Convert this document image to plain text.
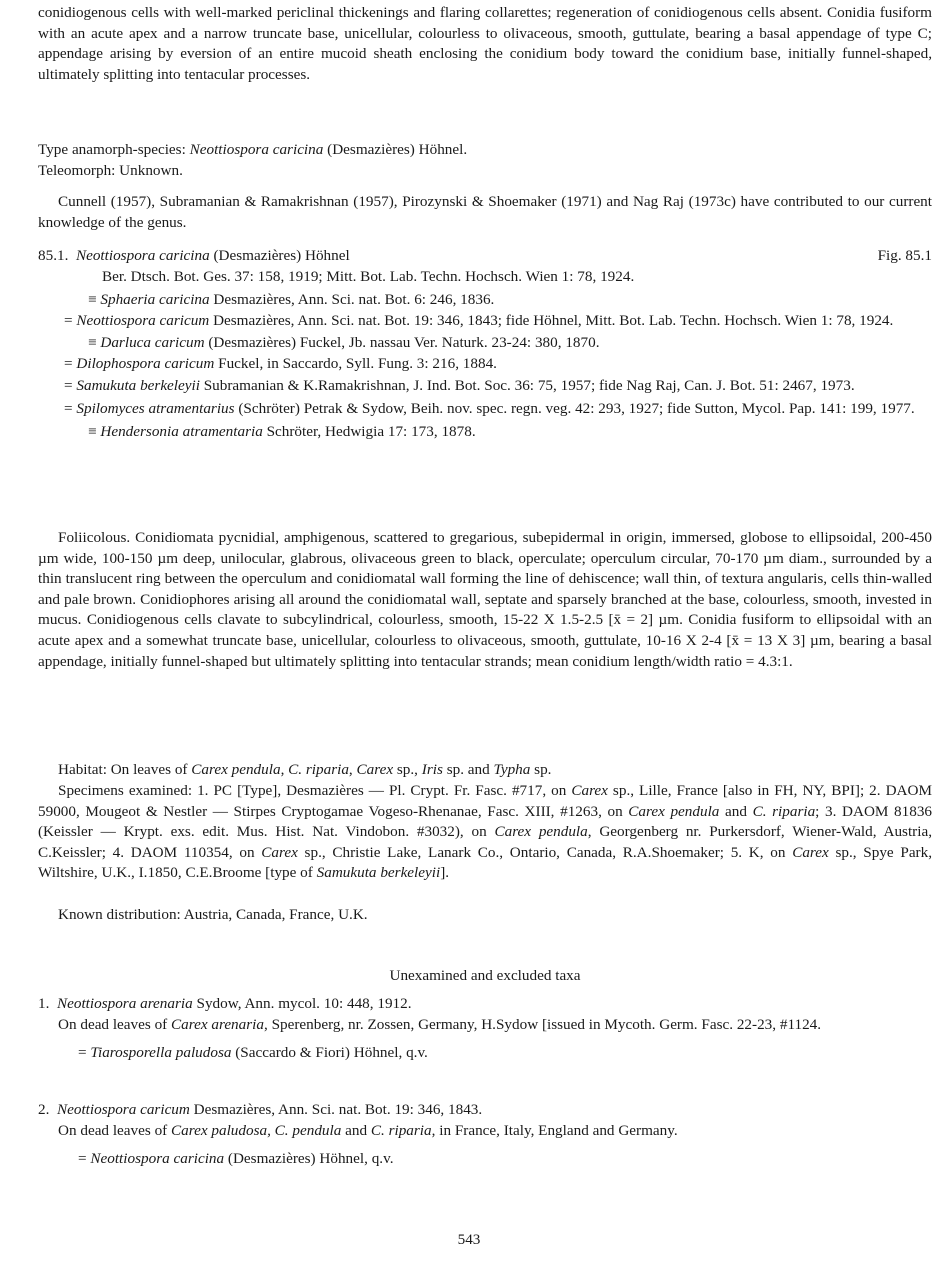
conidiogenous cells with well-marked periclinal thickenings and flaring collarettes; regeneration of conidiogenous cells absent. Conidia fusiform with an acute apex and a narrow truncate base, unicellular, colourless to olivaceous, smooth, guttulate, bearing a basal appendage of type C; appendage arising by eversion of an entire mucoid sheath enclosing the conidium body toward the conidium base, initially funnel-shaped, ultimately splitting into tentacular processes.

Type anamorph-species: Neottiospora caricina (Desmazières) Höhnel.

Teleomorph: Unknown.

Cunnell (1957), Subramanian & Ramakrishnan (1957), Pirozynski & Shoemaker (1971) and Nag Raj (1973c) have contributed to our current knowledge of the genus.

85.1. Neottiospora caricina (Desmazières) Höhnel	Fig. 85.1

Ber. Dtsch. Bot. Ges. 37: 158, 1919; Mitt. Bot. Lab. Techn. Hochsch. Wien 1: 78, 1924.

≡ Sphaeria caricina Desmazières, Ann. Sci. nat. Bot. 6: 246, 1836.

= Neottiospora caricum Desmazières, Ann. Sci. nat. Bot. 19: 346, 1843; fide Höhnel, Mitt. Bot. Lab. Techn. Hochsch. Wien 1: 78, 1924.

≡ Darluca caricum (Desmazières) Fuckel, Jb. nassau Ver. Naturk. 23-24: 380, 1870.

= Dilophospora caricum Fuckel, in Saccardo, Syll. Fung. 3: 216, 1884.

= Samukuta berkeleyii Subramanian & K.Ramakrishnan, J. Ind. Bot. Soc. 36: 75, 1957; fide Nag Raj, Can. J. Bot. 51: 2467, 1973.

= Spilomyces atramentarius (Schröter) Petrak & Sydow, Beih. nov. spec. regn. veg. 42: 293, 1927; fide Sutton, Mycol. Pap. 141: 199, 1977.

≡ Hendersonia atramentaria Schröter, Hedwigia 17: 173, 1878.

Foliicolous. Conidiomata pycnidial, amphigenous, scattered to gregarious, subepidermal in origin, immersed, globose to ellipsoidal, 200-450 µm wide, 100-150 µm deep, unilocular, glabrous, olivaceous green to black, operculate; operculum circular, 70-170 µm diam., surrounded by a thin translucent ring between the operculum and conidiomatal wall forming the line of dehiscence; wall thin, of textura angularis, cells thin-walled and pale brown. Conidiophores arising all around the conidiomatal wall, septate and sparsely branched at the base, colourless, smooth, invested in mucus. Conidiogenous cells clavate to subcylindrical, colourless, smooth, 15-22 X 1.5-2.5 [x̄ = 2] µm. Conidia fusiform to ellipsoidal with an acute apex and a somewhat truncate base, unicellular, colourless to olivaceous, smooth, guttulate, 10-16 X 2-4 [x̄ = 13 X 3] µm, bearing a basal appendage, initially funnel-shaped but ultimately splitting into tentacular strands; mean conidium length/width ratio = 4.3:1.

Habitat: On leaves of Carex pendula, C. riparia, Carex sp., Iris sp. and Typha sp.

Specimens examined: 1. PC [Type], Desmazières — Pl. Crypt. Fr. Fasc. #717, on Carex sp., Lille, France [also in FH, NY, BPI]; 2. DAOM 59000, Mougeot & Nestler — Stirpes Cryptogamae Vogeso-Rhenanae, Fasc. XIII, #1263, on Carex pendula and C. riparia; 3. DAOM 81836 (Keissler — Krypt. exs. edit. Mus. Hist. Nat. Vindobon. #3032), on Carex pendula, Georgenberg nr. Purkersdorf, Wiener-Wald, Austria, C.Keissler; 4. DAOM 110354, on Carex sp., Christie Lake, Lanark Co., Ontario, Canada, R.A.Shoemaker; 5. K, on Carex sp., Spye Park, Wiltshire, U.K., I.1850, C.E.Broome [type of Samukuta berkeleyii].

Known distribution: Austria, Canada, France, U.K.

Unexamined and excluded taxa

1. Neottiospora arenaria Sydow, Ann. mycol. 10: 448, 1912.

On dead leaves of Carex arenaria, Sperenberg, nr. Zossen, Germany, H.Sydow [issued in Mycoth. Germ. Fasc. 22-23, #1124.

= Tiarosporella paludosa (Saccardo & Fiori) Höhnel, q.v.

2. Neottiospora caricum Desmazières, Ann. Sci. nat. Bot. 19: 346, 1843.

On dead leaves of Carex paludosa, C. pendula and C. riparia, in France, Italy, England and Germany.

= Neottiospora caricina (Desmazières) Höhnel, q.v.

543
